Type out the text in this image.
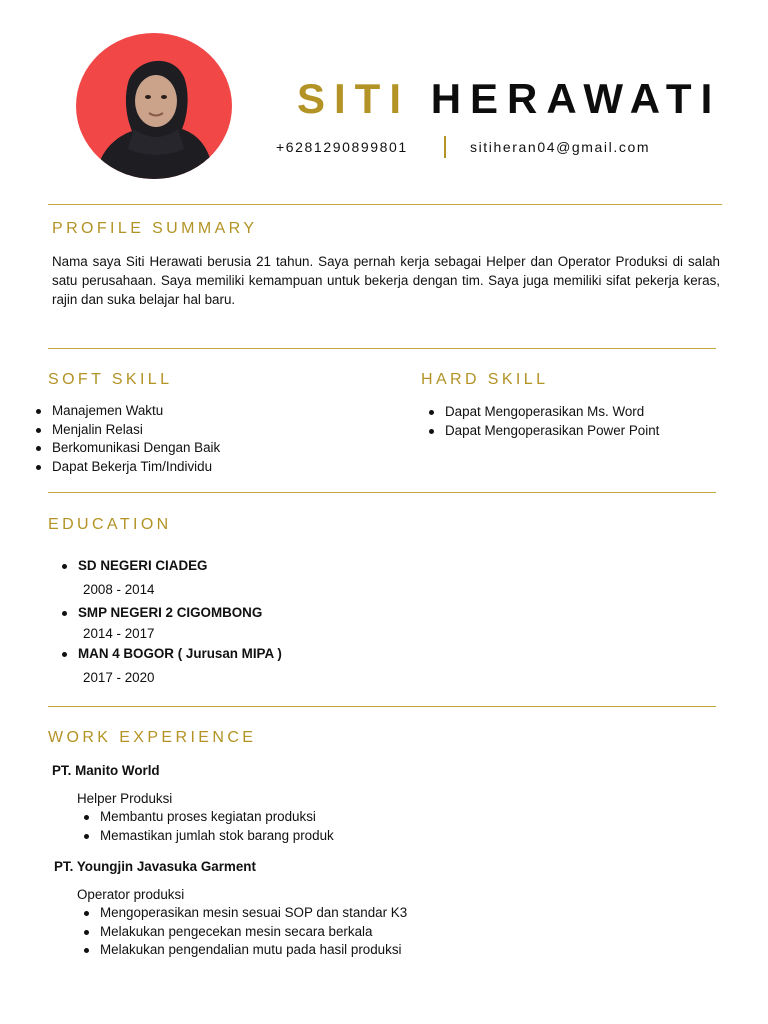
SITI HERAWATI
+6281290899801	sitiheran04@gmail.com
PROFILE SUMMARY
Nama saya Siti Herawati berusia 21 tahun. Saya pernah kerja sebagai Helper dan Operator Produksi di salah satu perusahaan. Saya memiliki kemampuan untuk bekerja dengan tim. Saya juga memiliki sifat pekerja keras, rajin dan suka belajar hal baru.
SOFT SKILL
Manajemen Waktu
Menjalin Relasi
Berkomunikasi Dengan Baik
Dapat Bekerja Tim/Individu
HARD SKILL
Dapat Mengoperasikan Ms. Word
Dapat Mengoperasikan Power Point
EDUCATION
SD NEGERI CIADEG
2008 - 2014
SMP NEGERI 2 CIGOMBONG
2014 - 2017
MAN 4 BOGOR ( Jurusan MIPA )
2017 - 2020
WORK EXPERIENCE
PT. Manito World
Helper Produksi
Membantu proses kegiatan produksi
Memastikan jumlah stok barang produk
PT. Youngjin Javasuka Garment
Operator produksi
Mengoperasikan mesin sesuai SOP dan standar K3
Melakukan pengecekan mesin secara berkala
Melakukan pengendalian mutu pada hasil produksi
